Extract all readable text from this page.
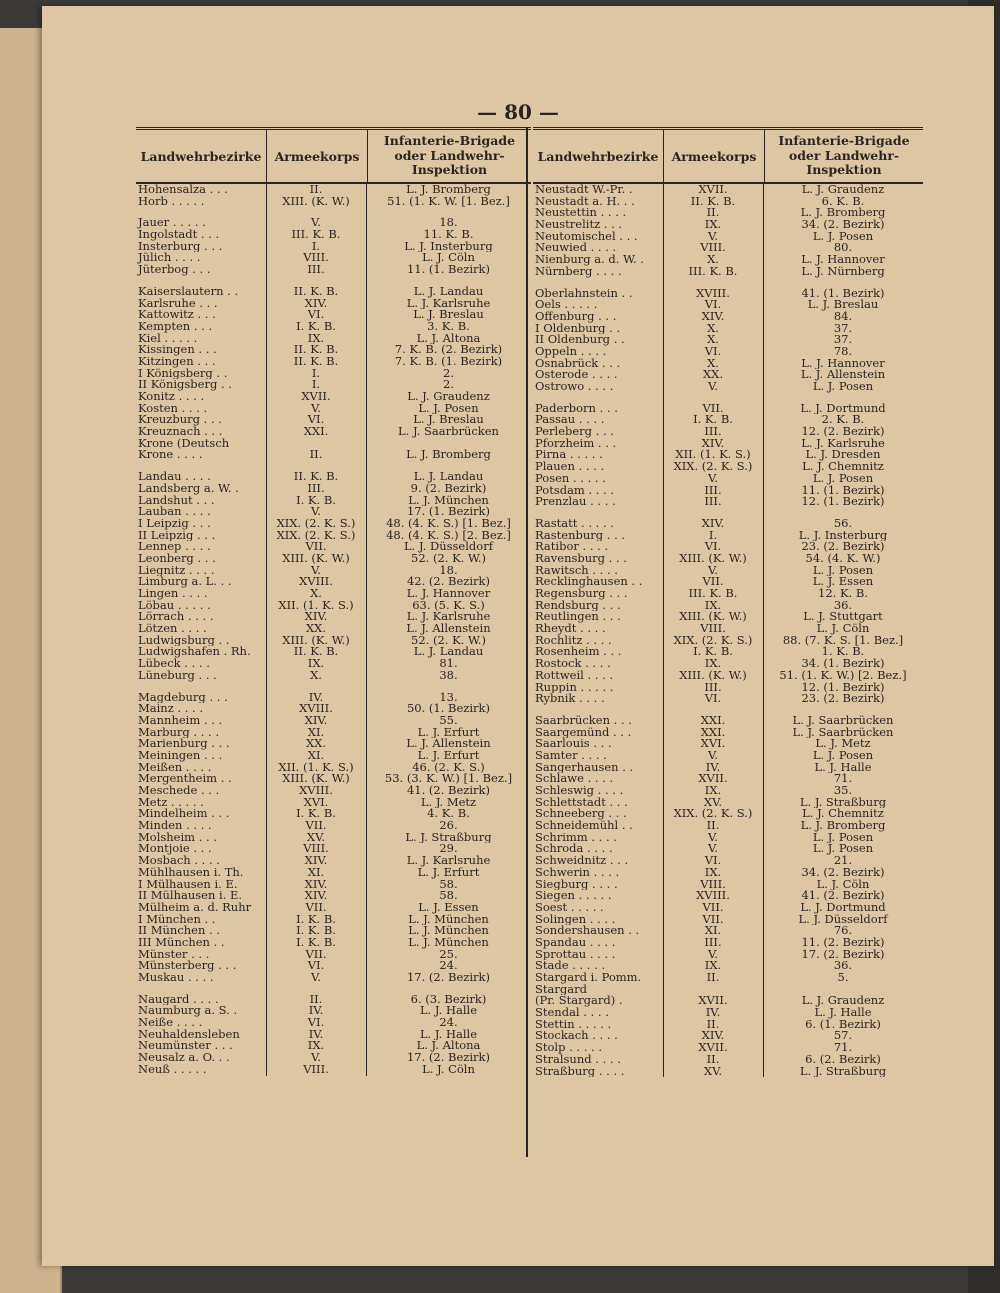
— 80 —
Landwehrbezirke	Armeekorps
Infanterie-Brigade oder Landwehr-Inspektion
Hohensalza . . .	II.	L. J. Bromberg
Horb . . . . .	XIII. (K. W.)	51. (1. K. W. [1. Bez.]
Jauer . . . . .	V.	18.
Ingolstadt . . .	III. K. B.	11. K. B.
Insterburg . . .	I.	L. J. Insterburg
Jülich . . . .	VIII.	L. J. Cöln
Jüterbog . . .	III.	11. (1. Bezirk)
Kaiserslautern . .	II. K. B.	L. J. Landau
Karlsruhe . . .	XIV.	L. J. Karlsruhe
Kattowitz . . .	VI.	L. J. Breslau
Kempten . . .	I. K. B.	3. K. B.
Kiel . . . . .	IX.	L. J. Altona
Kissingen . . .	II. K. B.	7. K. B. (2. Bezirk)
Kitzingen . . .	II. K. B.	7. K. B. (1. Bezirk)
I Königsberg . .	I.	2.
II Königsberg . .	I.	2.
Konitz . . . .	XVII.	L. J. Graudenz
Kosten . . . .	V.	L. J. Posen
Kreuzburg . . .	VI.	L. J. Breslau
Kreuznach . . .	XXI.	L. J. Saarbrücken
Krone (Deutsch
Krone . . . .	II.	L. J. Bromberg
Landau . . . .	II. K. B.	L. J. Landau
Landsberg a. W. .	III.	9. (2. Bezirk)
Landshut . . .	I. K. B.	L. J. München
Lauban . . . .	V.	17. (1. Bezirk)
I Leipzig . . .	XIX. (2. K. S.)	48. (4. K. S.) [1. Bez.]
II Leipzig . . .	XIX. (2. K. S.)	48. (4. K. S.) [2. Bez.]
Lennep . . . .	VII.	L. J. Düsseldorf
Leonberg . . .	XIII. (K. W.)	52. (2. K. W.)
Liegnitz . . . .	V.	18.
Limburg a. L. . .	XVIII.	42. (2. Bezirk)
Lingen . . . .	X.	L. J. Hannover
Löbau . . . . .	XII. (1. K. S.)	63. (5. K. S.)
Lörrach . . . .	XIV.	L. J. Karlsruhe
Lötzen . . . .	XX.	L. J. Allenstein
Ludwigsburg . .	XIII. (K. W.)	52. (2. K. W.)
Ludwigshafen . Rh.	II. K. B.	L. J. Landau
Lübeck . . . .	IX.	81.
Lüneburg . . .	X.	38.
Magdeburg . . .	IV.	13.
Mainz . . . .	XVIII.	50. (1. Bezirk)
Mannheim . . .	XIV.	55.
Marburg . . . .	XI.	L. J. Erfurt
Marienburg . . .	XX.	L. J. Allenstein
Meiningen . . .	XI.	L. J. Erfurt
Meißen . . . .	XII. (1. K. S.)	46. (2. K. S.)
Mergentheim . .	XIII. (K. W.)	53. (3. K. W.) [1. Bez.]
Meschede . . .	XVIII.	41. (2. Bezirk)
Metz . . . . .	XVI.	L. J. Metz
Mindelheim . . .	I. K. B.	4. K. B.
Minden . . . .	VII.	26.
Molsheim . . .	XV.	L. J. Straßburg
Montjoie . . .	VIII.	29.
Mosbach . . . .	XIV.	L. J. Karlsruhe
Mühlhausen i. Th.	XI.	L. J. Erfurt
I Mülhausen i. E.	XIV.	58.
II Mülhausen i. E.	XIV.	58.
Mülheim a. d. Ruhr	VII.	L. J. Essen
I München . .	I. K. B.	L. J. München
II München . .	I. K. B.	L. J. München
III München . .	I. K. B.	L. J. München
Münster . . .	VII.	25.
Münsterberg . . .	VI.	24.
Muskau . . . .	V.	17. (2. Bezirk)
Naugard . . . .	II.	6. (3. Bezirk)
Naumburg a. S. .	IV.	L. J. Halle
Neiße . . . .	VI.	24.
Neuhaldensleben	IV.	L. J. Halle
Neumünster . . .	IX.	L. J. Altona
Neusalz a. O. . .	V.	17. (2. Bezirk)
Neuß . . . . .	VIII.	L. J. Cöln
Landwehrbezirke	Armeekorps
Infanterie-Brigade oder Landwehr-Inspektion
Neustadt W.-Pr. .	XVII.	L. J. Graudenz
Neustadt a. H. . .	II. K. B.	6. K. B.
Neustettin . . . .	II.	L. J. Bromberg
Neustrelitz . . .	IX.	34. (2. Bezirk)
Neutomischel . . .	V.	L. J. Posen
Neuwied . . . .	VIII.	80.
Nienburg a. d. W. .	X.	L. J. Hannover
Nürnberg . . . .	III. K. B.	L. J. Nürnberg
Oberlahnstein . .	XVIII.	41. (1. Bezirk)
Oels . . . . .	VI.	L. J. Breslau
Offenburg . . .	XIV.	84.
I Oldenburg . .	X.	37.
II Oldenburg . .	X.	37.
Oppeln . . . .	VI.	78.
Osnabrück . . .	X.	L. J. Hannover
Osterode . . . .	XX.	L. J. Allenstein
Ostrowo . . . .	V.	L. J. Posen
Paderborn . . .	VII.	L. J. Dortmund
Passau . . . .	I. K. B.	2. K. B.
Perleberg . . .	III.	12. (2. Bezirk)
Pforzheim . . .	XIV.	L. J. Karlsruhe
Pirna . . . . .	XII. (1. K. S.)	L. J. Dresden
Plauen . . . .	XIX. (2. K. S.)	L. J. Chemnitz
Posen . . . . .	V.	L. J. Posen
Potsdam . . . .	III.	11. (1. Bezirk)
Prenzlau . . . .	III.	12. (1. Bezirk)
Rastatt . . . . .	XIV.	56.
Rastenburg . . .	I.	L. J. Insterburg
Ratibor . . . .	VI.	23. (2. Bezirk)
Ravensburg . . .	XIII. (K. W.)	54. (4. K. W.)
Rawitsch . . . .	V.	L. J. Posen
Recklinghausen . .	VII.	L. J. Essen
Regensburg . . .	III. K. B.	12. K. B.
Rendsburg . . .	IX.	36.
Reutlingen . . .	XIII. (K. W.)	L. J. Stuttgart
Rheydt . . . .	VIII.	L. J. Cöln
Rochlitz . . . .	XIX. (2. K. S.)	88. (7. K. S. [1. Bez.]
Rosenheim . . .	I. K. B.	1. K. B.
Rostock . . . .	IX.	34. (1. Bezirk)
Rottweil . . . .	XIII. (K. W.)	51. (1. K. W.) [2. Bez.]
Ruppin . . . . .	III.	12. (1. Bezirk)
Rybnik . . . .	VI.	23. (2. Bezirk)
Saarbrücken . . .	XXI.	L. J. Saarbrücken
Saargemünd . . .	XXI.	L. J. Saarbrücken
Saarlouis . . .	XVI.	L. J. Metz
Samter . . . .	V.	L. J. Posen
Sangerhausen . .	IV.	L. J. Halle
Schlawe . . . .	XVII.	71.
Schleswig . . . .	IX.	35.
Schlettstadt . . .	XV.	L. J. Straßburg
Schneeberg . . .	XIX. (2. K. S.)	L. J. Chemnitz
Schneidemühl . .	II.	L. J. Bromberg
Schrimm . . . .	V.	L. J. Posen
Schroda . . . .	V.	L. J. Posen
Schweidnitz . . .	VI.	21.
Schwerin . . . .	IX.	34. (2. Bezirk)
Siegburg . . . .	VIII.	L. J. Cöln
Siegen . . . . .	XVIII.	41. (2. Bezirk)
Soest . . . . .	VII.	L. J. Dortmund
Solingen . . . .	VII.	L. J. Düsseldorf
Sondershausen . .	XI.	76.
Spandau . . . .	III.	11. (2. Bezirk)
Sprottau . . . .	V.	17. (2. Bezirk)
Stade . . . . .	IX.	36.
Stargard i. Pomm.	II.	5.
Stargard
(Pr. Stargard) .	XVII.	L. J. Graudenz
Stendal . . . .	IV.	L. J. Halle
Stettin . . . . .	II.	6. (1. Bezirk)
Stockach . . . .	XIV.	57.
Stolp . . . . .	XVII.	71.
Stralsund . . . .	II.	6. (2. Bezirk)
Straßburg . . . .	XV.	L. J. Straßburg
